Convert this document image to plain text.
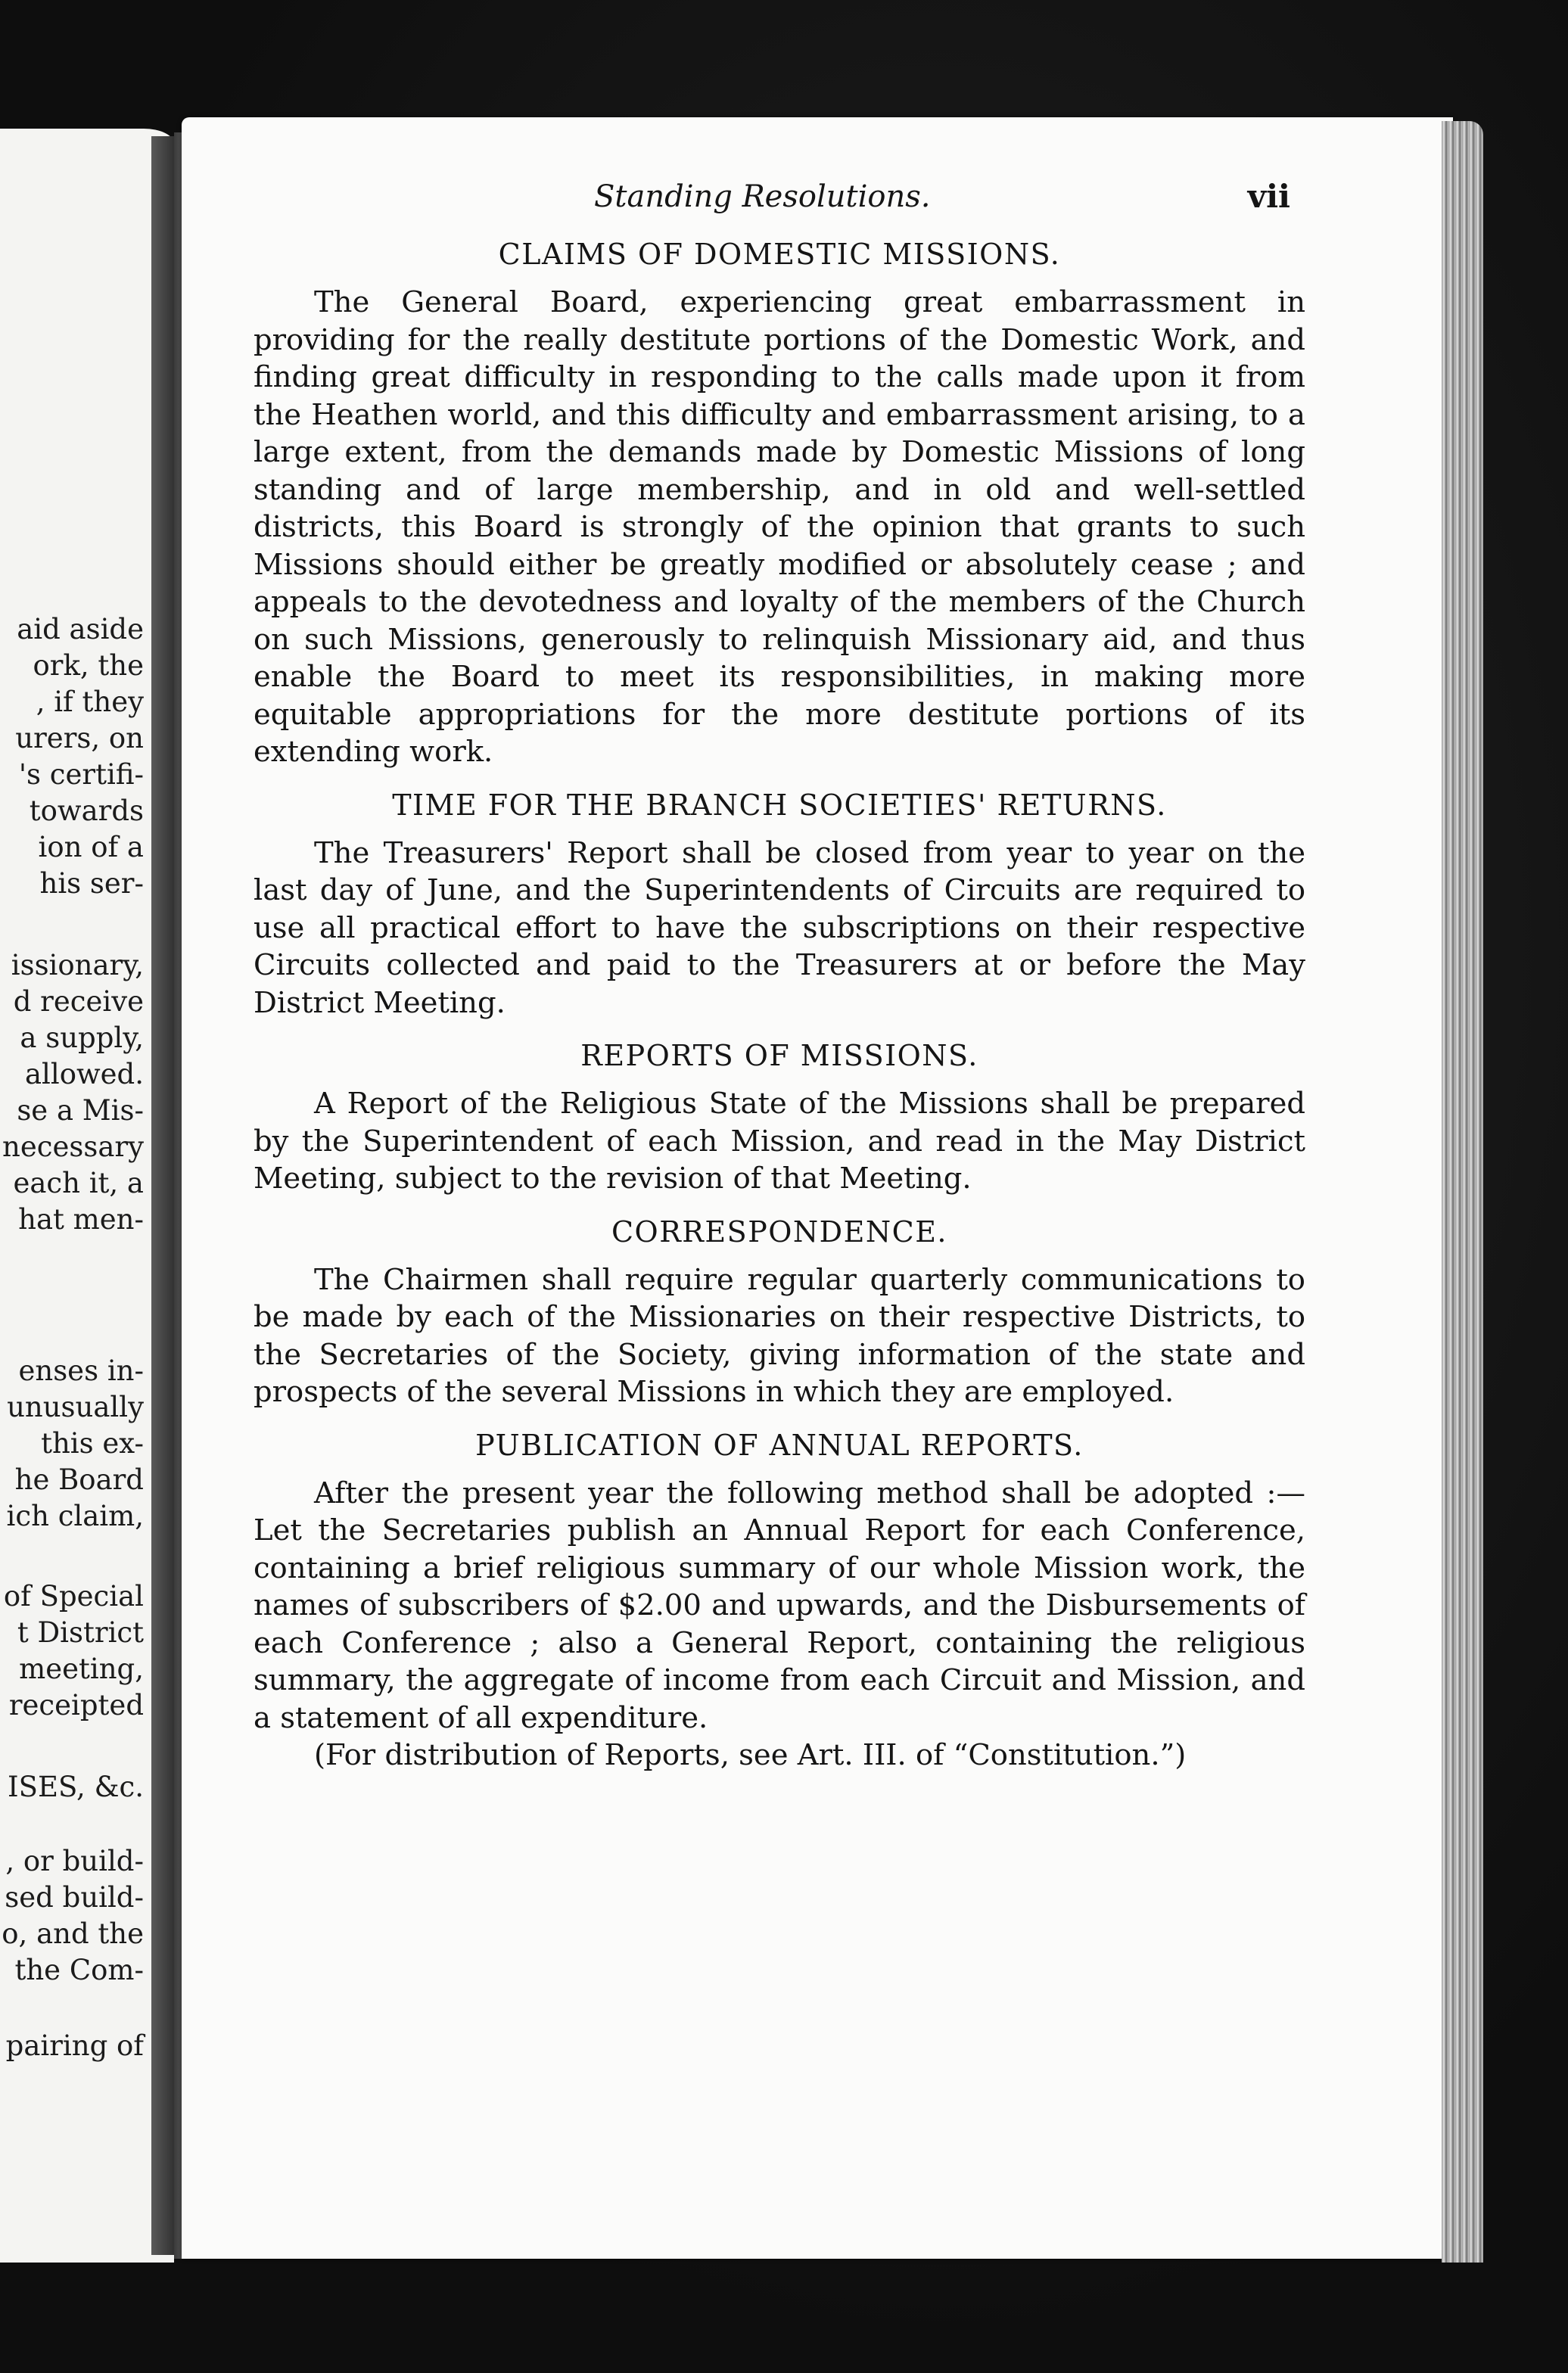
aid aside
ork, the
, if they
urers, on
's certifi-
towards
ion of a
his ser-
issionary,
d receive
a supply,
allowed.
se a Mis-
necessary
each it, a
hat men-
enses in-
unusually
this ex-
he Board
ich claim,
of Special
t District
meeting,
receipted
ISES, &c.
, or build-
sed build-
o, and the
the Com-
pairing of
Standing Resolutions.	vii
CLAIMS OF DOMESTIC MISSIONS.

The General Board, experiencing great embarrassment in providing for the really destitute portions of the Domestic Work, and finding great difficulty in responding to the calls made upon it from the Heathen world, and this difficulty and embarrassment arising, to a large extent, from the demands made by Domestic Missions of long standing and of large membership, and in old and well-settled districts, this Board is strongly of the opinion that grants to such Missions should either be greatly modified or absolutely cease ; and appeals to the devotedness and loyalty of the members of the Church on such Missions, generously to relinquish Missionary aid, and thus enable the Board to meet its responsibilities, in making more equitable appropriations for the more destitute portions of its extending work.

TIME FOR THE BRANCH SOCIETIES' RETURNS.

The Treasurers' Report shall be closed from year to year on the last day of June, and the Superintendents of Circuits are required to use all practical effort to have the subscriptions on their respective Circuits collected and paid to the Treasurers at or before the May District Meeting.

REPORTS OF MISSIONS.

A Report of the Religious State of the Missions shall be prepared by the Superintendent of each Mission, and read in the May District Meeting, subject to the revision of that Meeting.

CORRESPONDENCE.

The Chairmen shall require regular quarterly communications to be made by each of the Missionaries on their respective Districts, to the Secretaries of the Society, giving information of the state and prospects of the several Missions in which they are employed.

PUBLICATION OF ANNUAL REPORTS.

After the present year the following method shall be adopted :— Let the Secretaries publish an Annual Report for each Conference, containing a brief religious summary of our whole Mission work, the names of subscribers of $2.00 and upwards, and the Disbursements of each Conference ; also a General Report, containing the religious summary, the aggregate of income from each Circuit and Mission, and a statement of all expenditure.

(For distribution of Reports, see Art. III. of “Constitution.”)
